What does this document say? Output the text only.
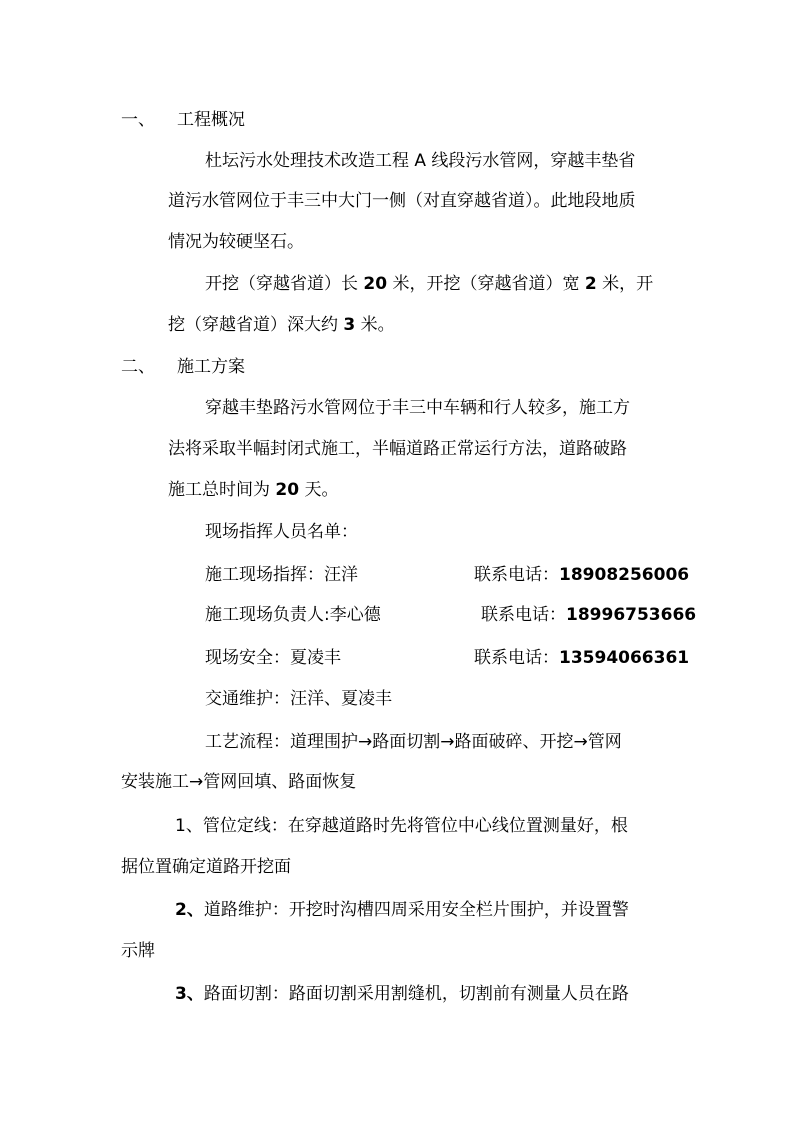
一、 工程概况
杜坛污水处理技术改造工程 A 线段污水管网，穿越丰垫省
道污水管网位于丰三中大门一侧（对直穿越省道）。此地段地质
情况为较硬坚石。
开挖（穿越省道）长 20 米，开挖（穿越省道）宽 2 米，开
挖（穿越省道）深大约 3 米。
二、 施工方案
穿越丰垫路污水管网位于丰三中车辆和行人较多，施工方
法将采取半幅封闭式施工，半幅道路正常运行方法，道路破路
施工总时间为 20 天。
现场指挥人员名单：
施工现场指挥：汪洋	联系电话：18908256006
施工现场负责人:李心德	联系电话：18996753666
现场安全：夏凌丰	联系电话：13594066361
交通维护：汪洋、夏凌丰
工艺流程：道理围护→路面切割→路面破碎、开挖→管网
安装施工→管网回填、路面恢复
1、管位定线：在穿越道路时先将管位中心线位置测量好，根
据位置确定道路开挖面
2、道路维护：开挖时沟槽四周采用安全栏片围护，并设置警
示牌
3、路面切割：路面切割采用割缝机，切割前有测量人员在路
